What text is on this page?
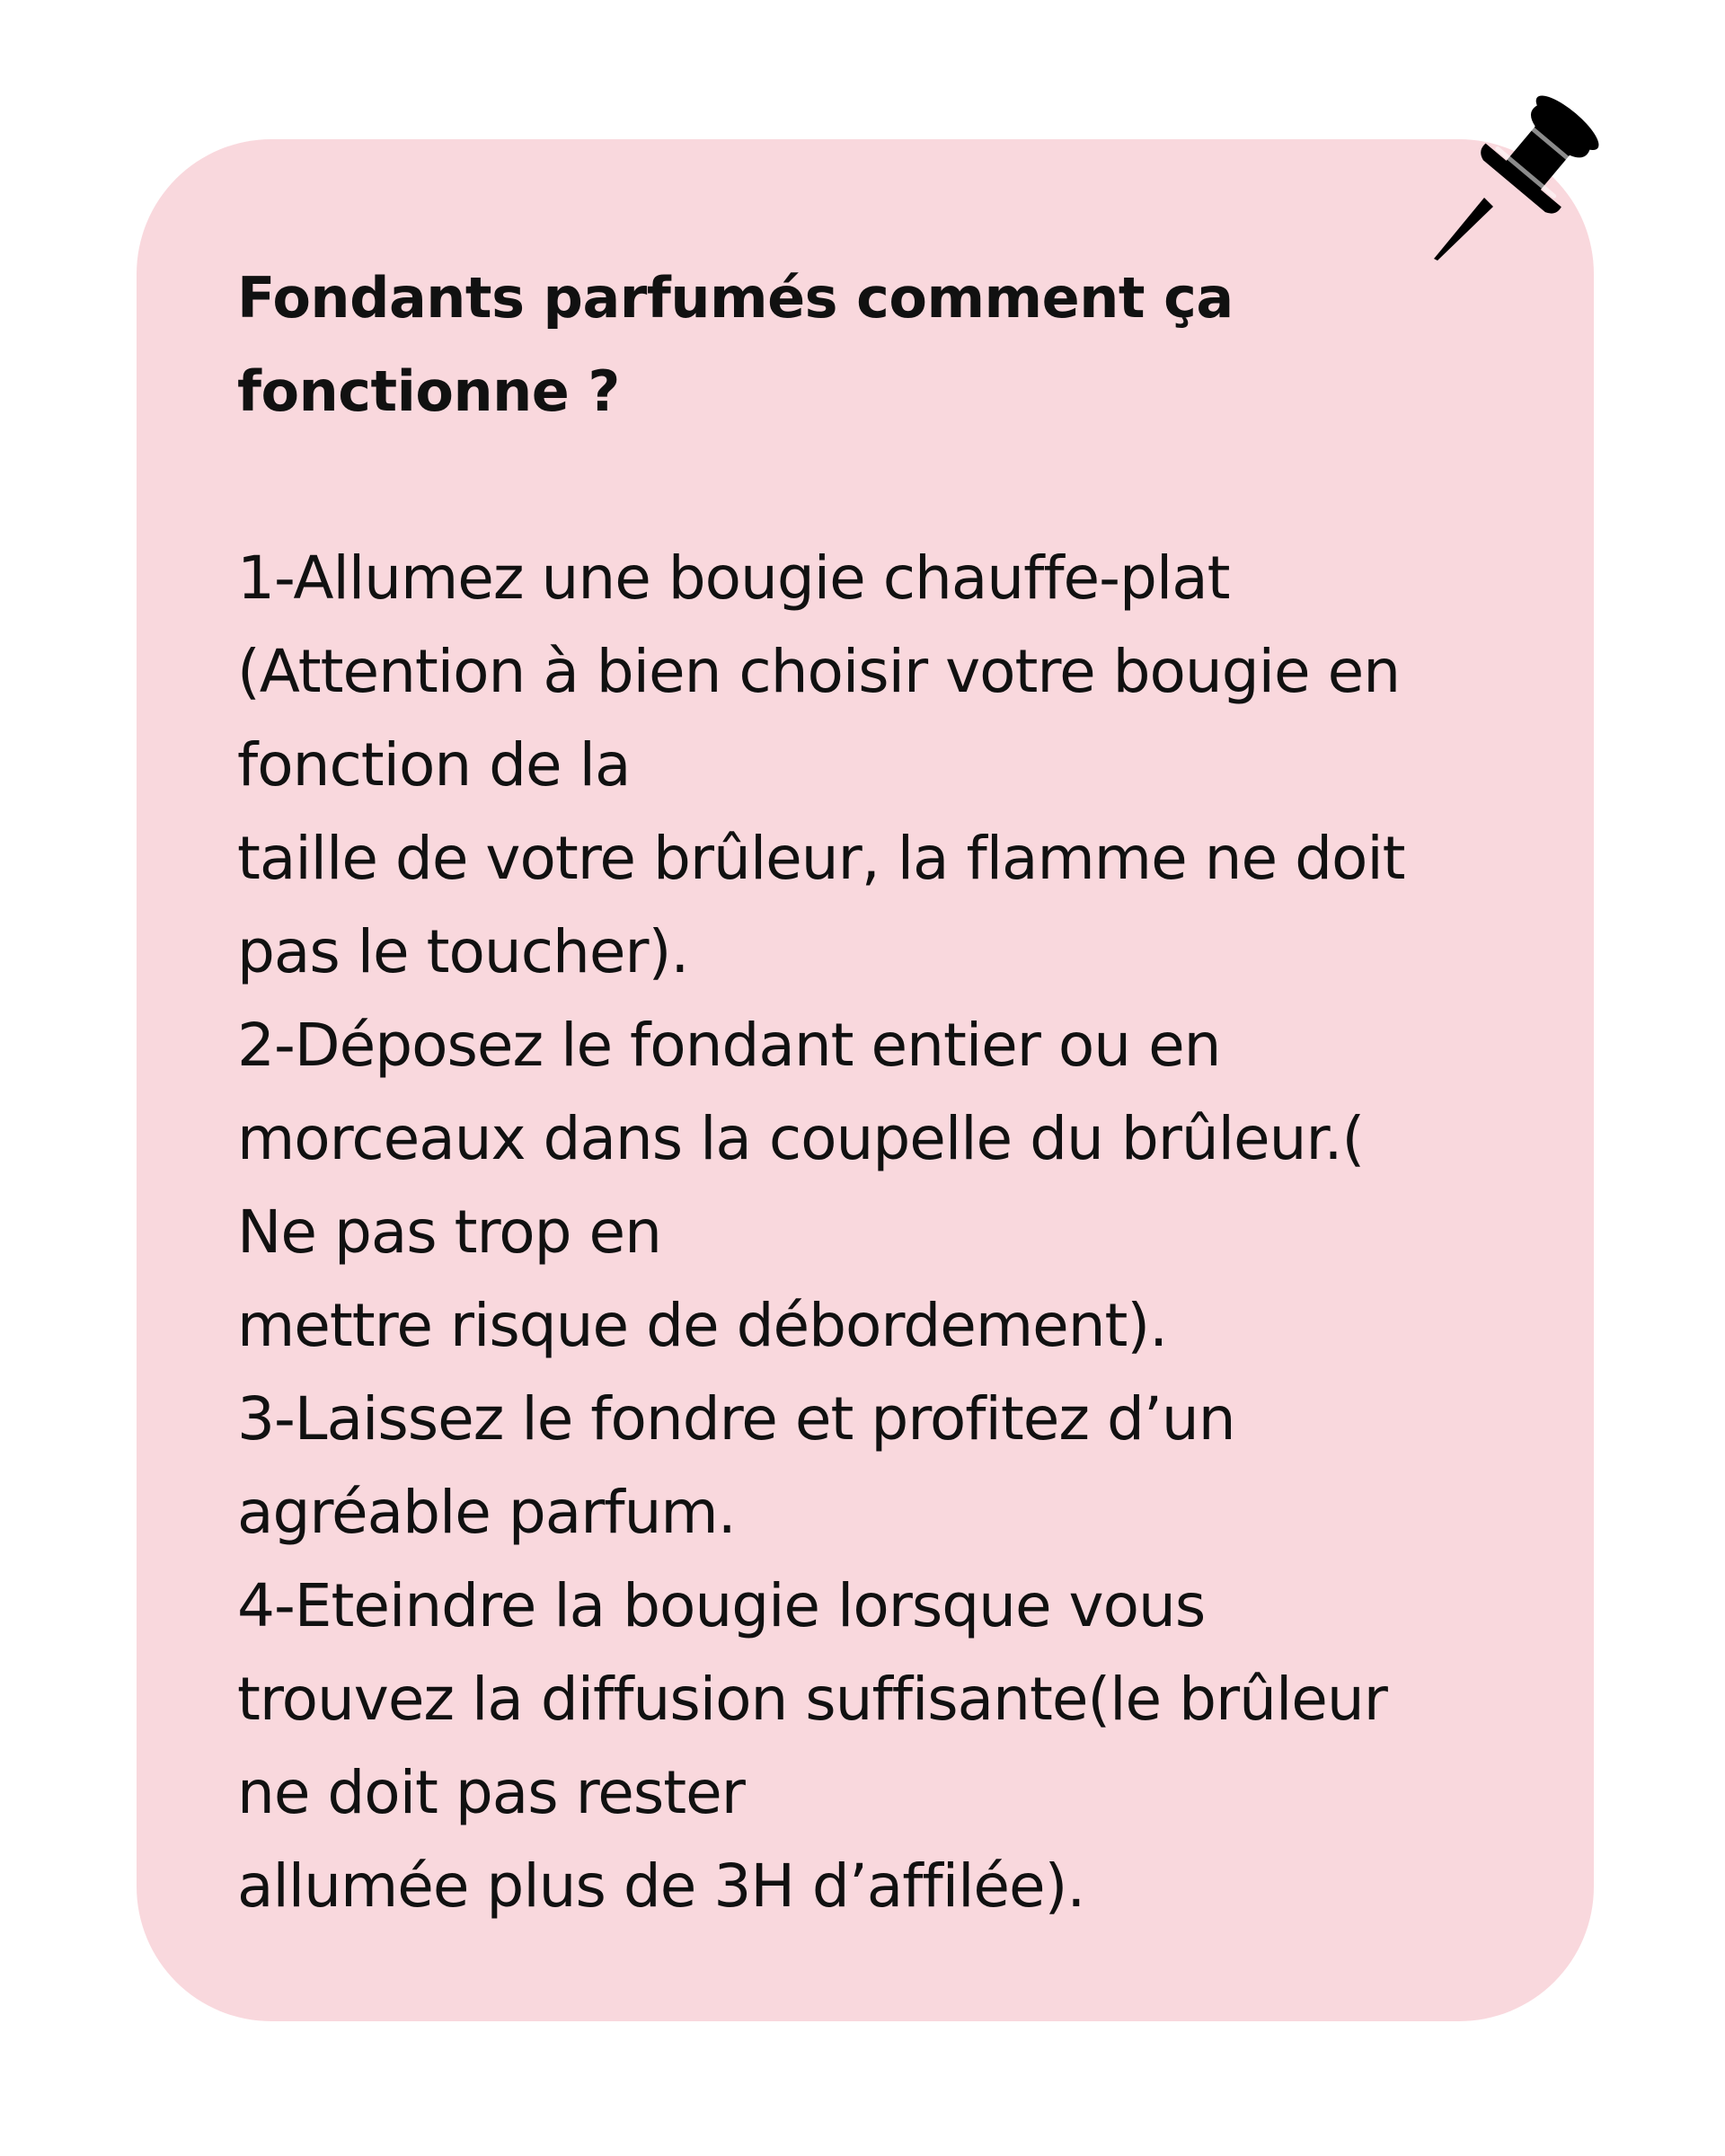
Fondants parfumés comment ça
fonctionne ?
1-Allumez une bougie chauffe-plat
(Attention à bien choisir votre bougie en
fonction de la
taille de votre brûleur, la flamme ne doit
pas le toucher).
2-Déposez le fondant entier ou en
morceaux dans la coupelle du brûleur.(
Ne pas trop en
mettre risque de débordement).
3-Laissez le fondre et profitez d’un
agréable parfum.
4-Eteindre la bougie lorsque vous
trouvez la diffusion suffisante(le brûleur
ne doit pas rester
allumée plus de 3H d’affilée).
